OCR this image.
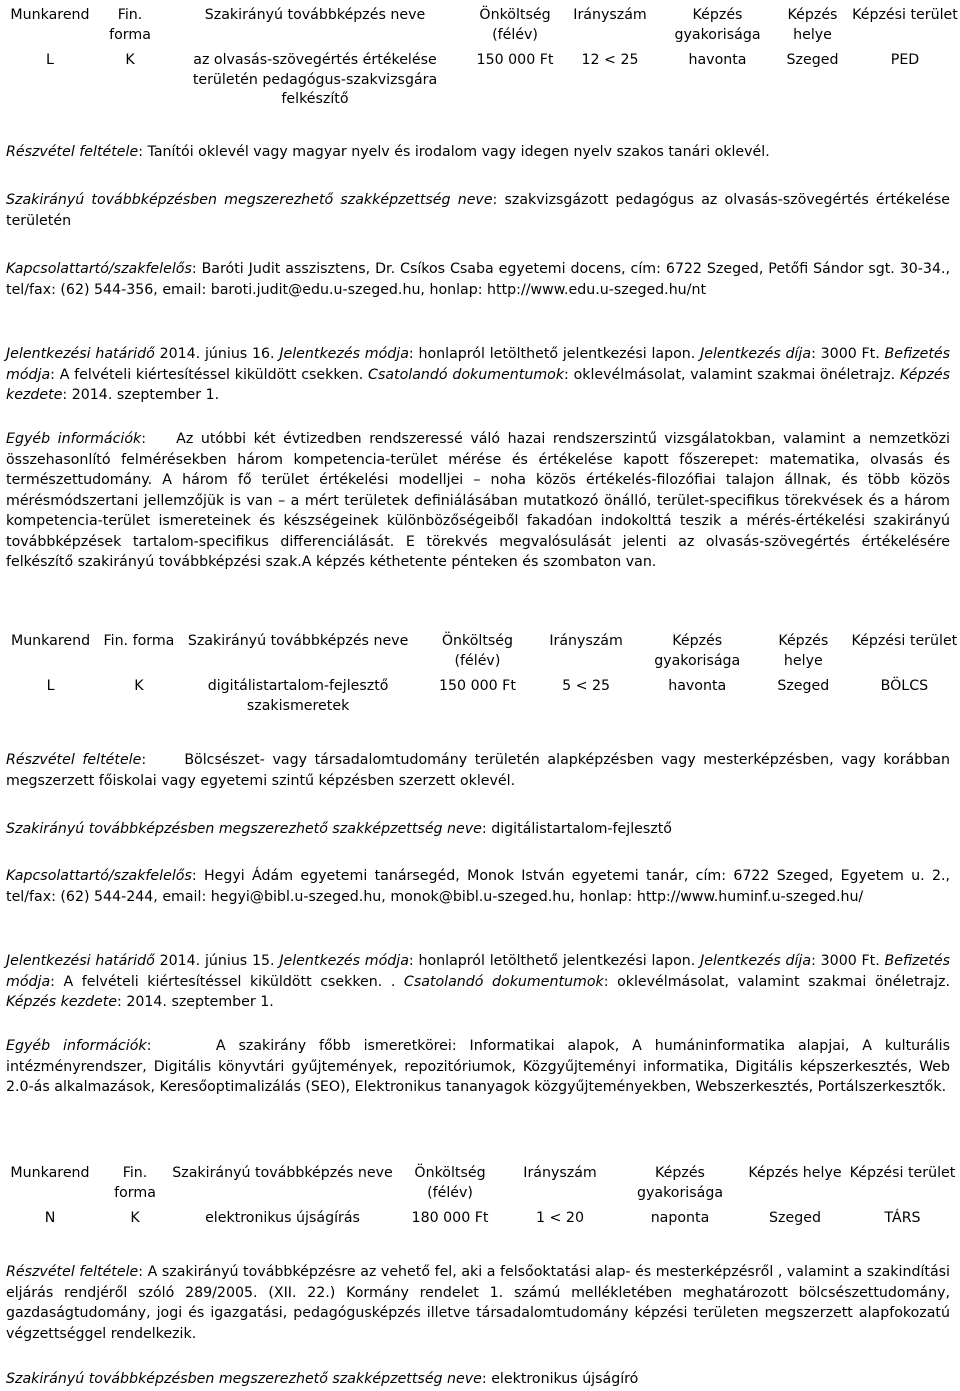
Munkarend	Fin. forma	Szakirányú továbbképzés neve	Önköltség (félév)	Irányszám	Képzés gyakorisága	Képzés helye	Képzési terület
L	K	az olvasás-szövegértés értékelése területén pedagógus-szakvizsgára felkészítő	150 000 Ft	12 < 25	havonta	Szeged	PED

Részvétel feltétele: Tanítói oklevél vagy magyar nyelv és irodalom vagy idegen nyelv szakos tanári oklevél.

Szakirányú továbbképzésben megszerezhető szakképzettség neve: szakvizsgázott pedagógus az olvasás-szövegértés értékelése területén

Kapcsolattartó/szakfelelős: Baróti Judit asszisztens, Dr. Csíkos Csaba egyetemi docens, cím: 6722 Szeged, Petőfi Sándor sgt. 30-34., tel/fax: (62) 544-356, email: baroti.judit@edu.u-szeged.hu, honlap: http://www.edu.u-szeged.hu/nt

Jelentkezési határidő 2014. június 16. Jelentkezés módja: honlapról letölthető jelentkezési lapon. Jelentkezés díja: 3000 Ft. Befizetés módja: A felvételi kiértesítéssel kiküldött csekken. Csatolandó dokumentumok: oklevélmásolat, valamint szakmai önéletrajz. Képzés kezdete: 2014. szeptember 1.

Egyéb információk:    Az utóbbi két évtizedben rendszeressé váló hazai rendszerszintű vizsgálatokban, valamint a nemzetközi összehasonlító felmérésekben három kompetencia-terület mérése és értékelése kapott főszerepet: matematika, olvasás és természettudomány. A három fő terület értékelési modelljei – noha közös értékelés-filozófiai talajon állnak, és több közös mérésmódszertani jellemzőjük is van – a mért területek definiálásában mutatkozó önálló, terület-specifikus törekvések és a három kompetencia-terület ismereteinek és készségeinek különbözőségeiből fakadóan indokolttá teszik a mérés-értékelési szakirányú továbbképzések tartalom-specifikus differenciálását. E törekvés megvalósulását jelenti az olvasás-szövegértés értékelésére felkészítő szakirányú továbbképzési szak.A képzés kéthetente pénteken és szombaton van.

Munkarend	Fin. forma	Szakirányú továbbképzés neve	Önköltség (félév)	Irányszám	Képzés gyakorisága	Képzés helye	Képzési terület
L	K	digitálistartalom-fejlesztő szakismeretek	150 000 Ft	5 < 25	havonta	Szeged	BÖLCS

Részvétel feltétele:     Bölcsészet- vagy társadalomtudomány területén alapképzésben vagy mesterképzésben, vagy korábban megszerzett főiskolai vagy egyetemi szintű képzésben szerzett oklevél.

Szakirányú továbbképzésben megszerezhető szakképzettség neve: digitálistartalom-fejlesztő

Kapcsolattartó/szakfelelős: Hegyi Ádám egyetemi tanársegéd, Monok István egyetemi tanár, cím: 6722 Szeged, Egyetem u. 2., tel/fax: (62) 544-244, email: hegyi@bibl.u-szeged.hu, monok@bibl.u-szeged.hu, honlap: http://www.huminf.u-szeged.hu/

Jelentkezési határidő 2014. június 15. Jelentkezés módja: honlapról letölthető jelentkezési lapon. Jelentkezés díja: 3000 Ft. Befizetés módja: A felvételi kiértesítéssel kiküldött csekken. . Csatolandó dokumentumok: oklevélmásolat, valamint szakmai önéletrajz. Képzés kezdete: 2014. szeptember 1.

Egyéb információk:     A szakirány főbb ismeretkörei: Informatikai alapok, A humáninformatika alapjai, A kulturális intézményrendszer, Digitális könyvtári gyűjtemények, repozitóriumok, Közgyűjteményi informatika, Digitális képszerkesztés, Web 2.0-ás alkalmazások, Keresőoptimalizálás (SEO), Elektronikus tananyagok közgyűjteményekben, Webszerkesztés, Portálszerkesztők.

Munkarend	Fin. forma	Szakirányú továbbképzés neve	Önköltség (félév)	Irányszám	Képzés gyakorisága	Képzés helye	Képzési terület
N	K	elektronikus újságírás	180 000 Ft	1 < 20	naponta	Szeged	TÁRS

Részvétel feltétele: A szakirányú továbbképzésre az vehető fel, aki a felsőoktatási alap- és mesterképzésről , valamint a szakindítási eljárás rendjéről szóló 289/2005. (XII. 22.) Kormány rendelet 1. számú mellékletében meghatározott bölcsészettudomány, gazdaságtudomány, jogi és igazgatási, pedagógusképzés illetve társadalomtudomány képzési területen megszerzett alapfokozatú végzettséggel rendelkezik.

Szakirányú továbbképzésben megszerezhető szakképzettség neve: elektronikus újságíró
